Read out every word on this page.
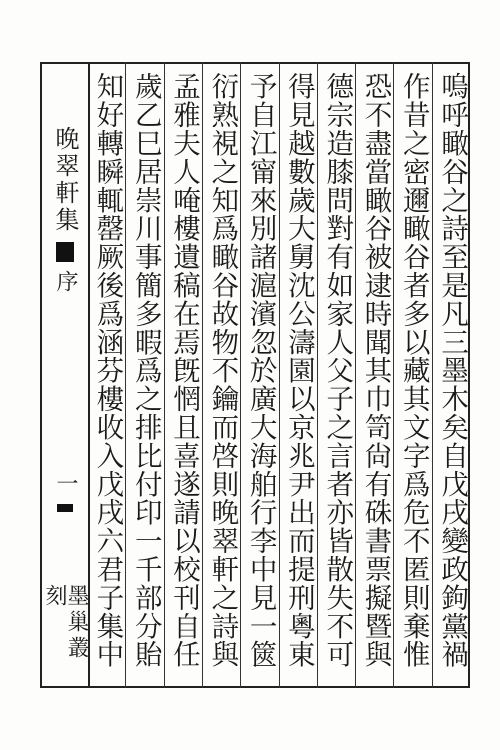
晚翠軒集
序
一
墨巢叢刻	嗚呼瞰谷之詩至是凡三墨木矣自戊戌變政鉤黨禍
作昔之密邇瞰谷者多以藏其文字爲危不匿則棄惟
恐不盡當瞰谷被逮時聞其巾笥尙有硃書票擬暨與
德宗造膝問對有如家人父子之言者亦皆散失不可
得見越數歲大舅沈公濤園以京兆尹出而提刑粵東
予自江甯來別諸滬濱忽於廣大海舶行李中見一篋
衍熟視之知爲瞰谷故物不鑰而啓則晚翠軒之詩與
孟雅夫人唵樓遺稿在焉旣惘且喜遂請以校刊自任
歲乙巳居崇川事簡多暇爲之排比付印一千部分貽
知好轉瞬輒罄厥後爲涵芬樓收入戊戌六君子集中
